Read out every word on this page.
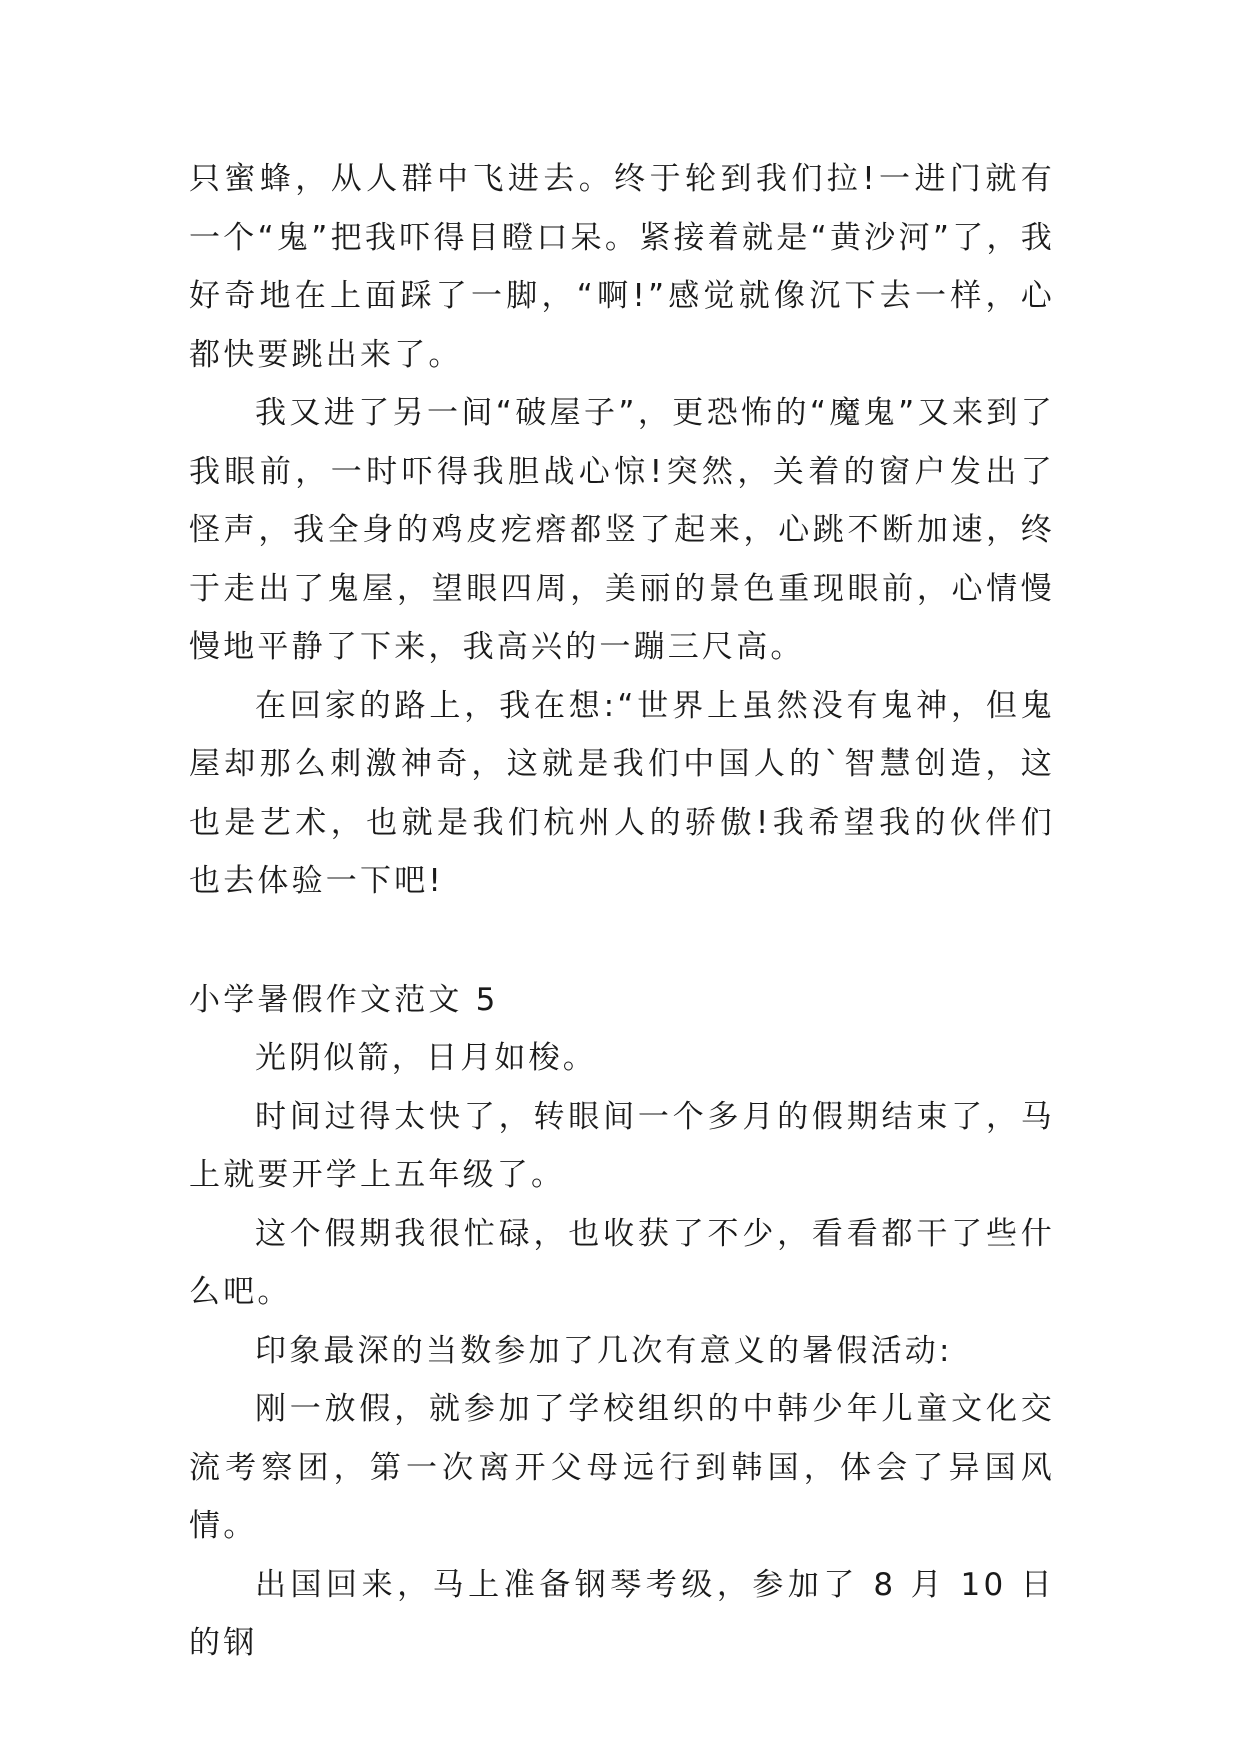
只蜜蜂，从人群中飞进去。终于轮到我们拉!一进门就有一个“鬼”把我吓得目瞪口呆。紧接着就是“黄沙河”了，我好奇地在上面踩了一脚，“啊!”感觉就像沉下去一样，心都快要跳出来了。

我又进了另一间“破屋子”，更恐怖的“魔鬼”又来到了我眼前，一时吓得我胆战心惊!突然，关着的窗户发出了怪声，我全身的鸡皮疙瘩都竖了起来，心跳不断加速，终于走出了鬼屋，望眼四周，美丽的景色重现眼前，心情慢慢地平静了下来，我高兴的一蹦三尺高。

在回家的路上，我在想:“世界上虽然没有鬼神，但鬼屋却那么刺激神奇，这就是我们中国人的`智慧创造，这也是艺术，也就是我们杭州人的骄傲!我希望我的伙伴们也去体验一下吧!

小学暑假作文范文 5

光阴似箭，日月如梭。

时间过得太快了，转眼间一个多月的假期结束了，马上就要开学上五年级了。

这个假期我很忙碌，也收获了不少，看看都干了些什么吧。

印象最深的当数参加了几次有意义的暑假活动:

刚一放假，就参加了学校组织的中韩少年儿童文化交流考察团，第一次离开父母远行到韩国，体会了异国风情。

出国回来，马上准备钢琴考级，参加了 8 月 10 日的钢
